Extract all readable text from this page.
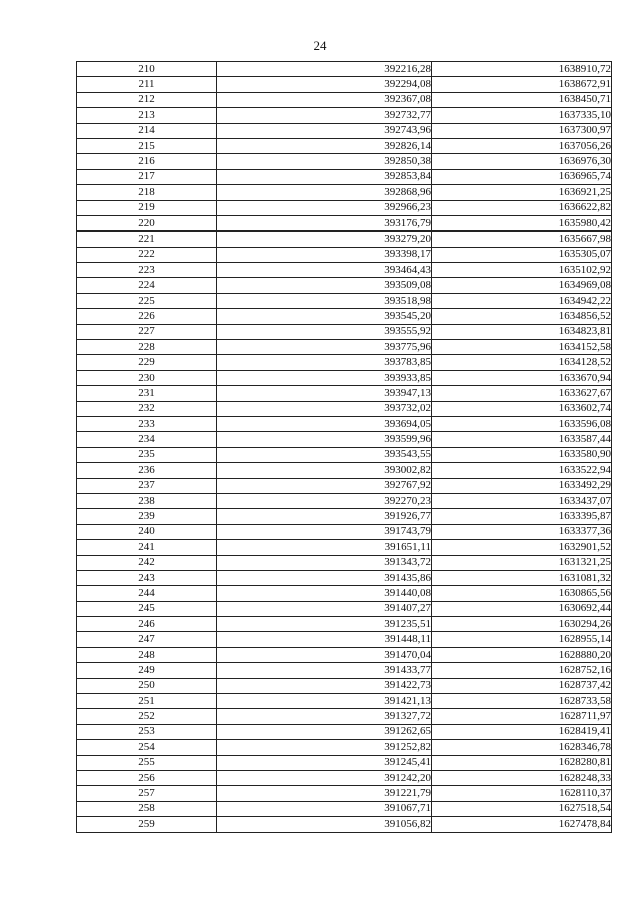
24
210	392216,28	1638910,72
211	392294,08	1638672,91
212	392367,08	1638450,71
213	392732,77	1637335,10
214	392743,96	1637300,97
215	392826,14	1637056,26
216	392850,38	1636976,30
217	392853,84	1636965,74
218	392868,96	1636921,25
219	392966,23	1636622,82
220	393176,79	1635980,42
221	393279,20	1635667,98
222	393398,17	1635305,07
223	393464,43	1635102,92
224	393509,08	1634969,08
225	393518,98	1634942,22
226	393545,20	1634856,52
227	393555,92	1634823,81
228	393775,96	1634152,58
229	393783,85	1634128,52
230	393933,85	1633670,94
231	393947,13	1633627,67
232	393732,02	1633602,74
233	393694,05	1633596,08
234	393599,96	1633587,44
235	393543,55	1633580,90
236	393002,82	1633522,94
237	392767,92	1633492,29
238	392270,23	1633437,07
239	391926,77	1633395,87
240	391743,79	1633377,36
241	391651,11	1632901,52
242	391343,72	1631321,25
243	391435,86	1631081,32
244	391440,08	1630865,56
245	391407,27	1630692,44
246	391235,51	1630294,26
247	391448,11	1628955,14
248	391470,04	1628880,20
249	391433,77	1628752,16
250	391422,73	1628737,42
251	391421,13	1628733,58
252	391327,72	1628711,97
253	391262,65	1628419,41
254	391252,82	1628346,78
255	391245,41	1628280,81
256	391242,20	1628248,33
257	391221,79	1628110,37
258	391067,71	1627518,54
259	391056,82	1627478,84
